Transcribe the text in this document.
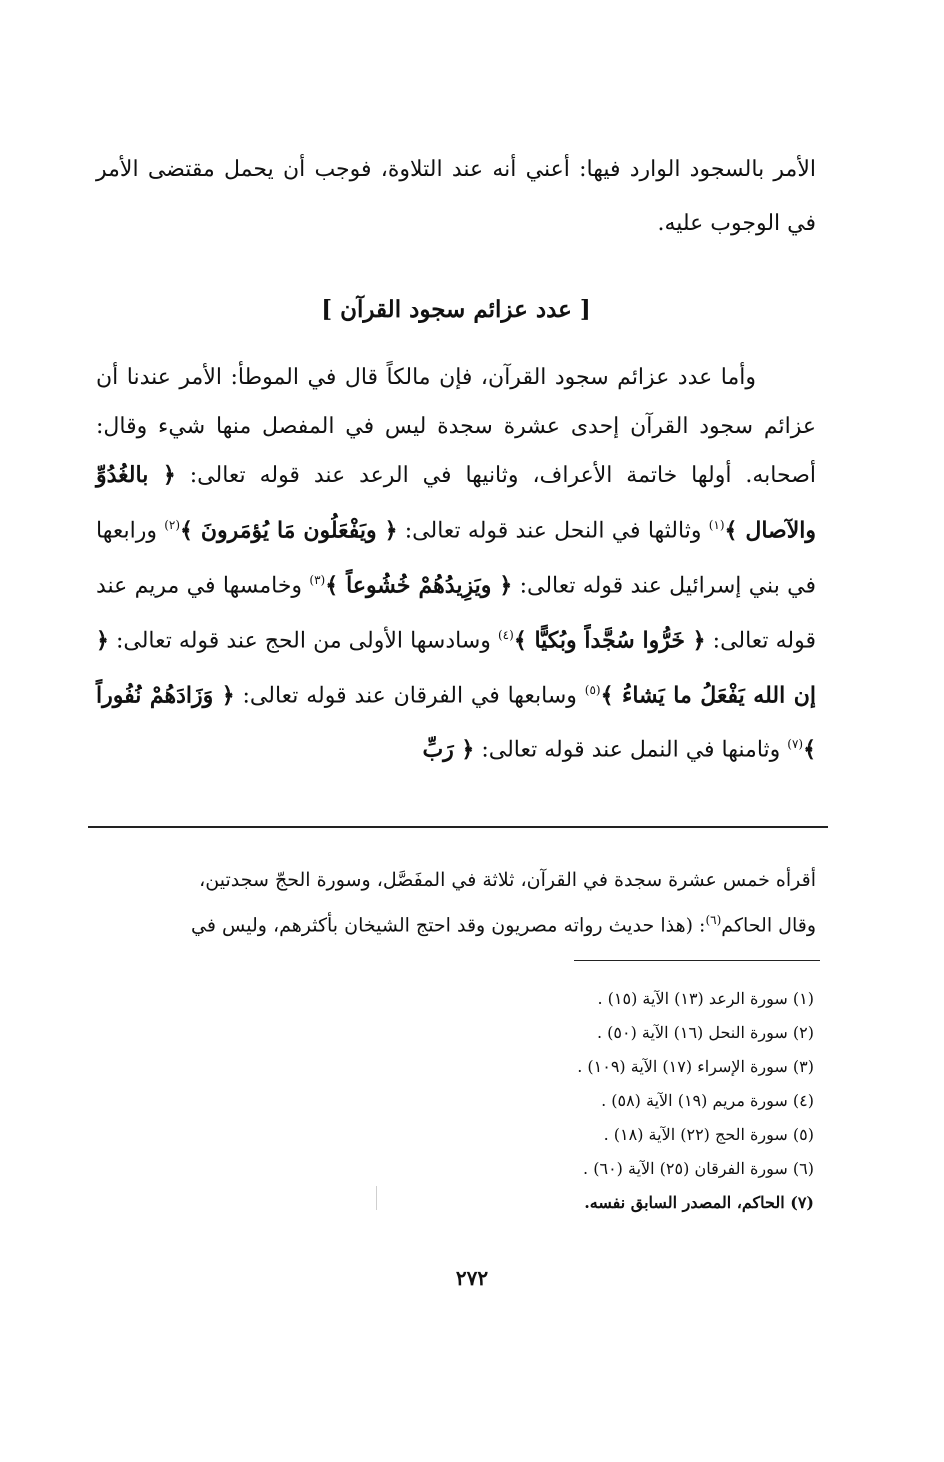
الأمر بالسجود الوارد فيها: أعني أنه عند التلاوة، فوجب أن يحمل مقتضى الأمر في الوجوب عليه.
[ عدد عزائم سجود القرآن ]

وأما عدد عزائم سجود القرآن، فإن مالكاً قال في الموطأ: الأمر عندنا أن عزائم سجود القرآن إحدى عشرة سجدة ليس في المفصل منها شيء وقال: أصحابه. أولها خاتمة الأعراف، وثانيها في الرعد عند قوله تعالى: ﴿ بالغُدُوِّ والآصال ﴾$^{(١)}$ وثالثها في النحل عند قوله تعالى: ﴿ ويَفْعَلُون مَا يُؤمَرونَ ﴾$^{(٢)}$ ورابعها في بني إسرائيل عند قوله تعالى: ﴿ ويَزِيدُهُمْ خُشُوعاً ﴾$^{(٣)}$ وخامسها في مريم عند قوله تعالى: ﴿ خَرُّوا سُجَّداً وبُكيًّا ﴾$^{(٤)}$ وسادسها الأولى من الحج عند قوله تعالى: ﴿ إن الله يَفْعَلُ ما يَشاءُ ﴾$^{(٥)}$ وسابعها في الفرقان عند قوله تعالى: ﴿ وَزَادَهُمْ نُفُوراً ﴾$^{(٧)}$ وثامنها في النمل عند قوله تعالى: ﴿ رَبِّ

أقرأه خمس عشرة سجدة في القرآن، ثلاثة في المفَصَّل، وسورة الحجّ سجدتين،

وقال الحاكم$^{(٦)}$: (هذا حديث رواته مصريون وقد احتج الشيخان بأكثرهم، وليس في

(١) سورة الرعد (١٣) الآية (١٥) .
(٢) سورة النحل (١٦) الآية (٥٠) .
(٣) سورة الإسراء (١٧) الآية (١٠٩) .
(٤) سورة مريم (١٩) الآية (٥٨) .
(٥) سورة الحج (٢٢) الآية (١٨) .
(٦) سورة الفرقان (٢٥) الآية (٦٠) .
(٧) الحاكم، المصدر السابق نفسه.
٢٧٢
